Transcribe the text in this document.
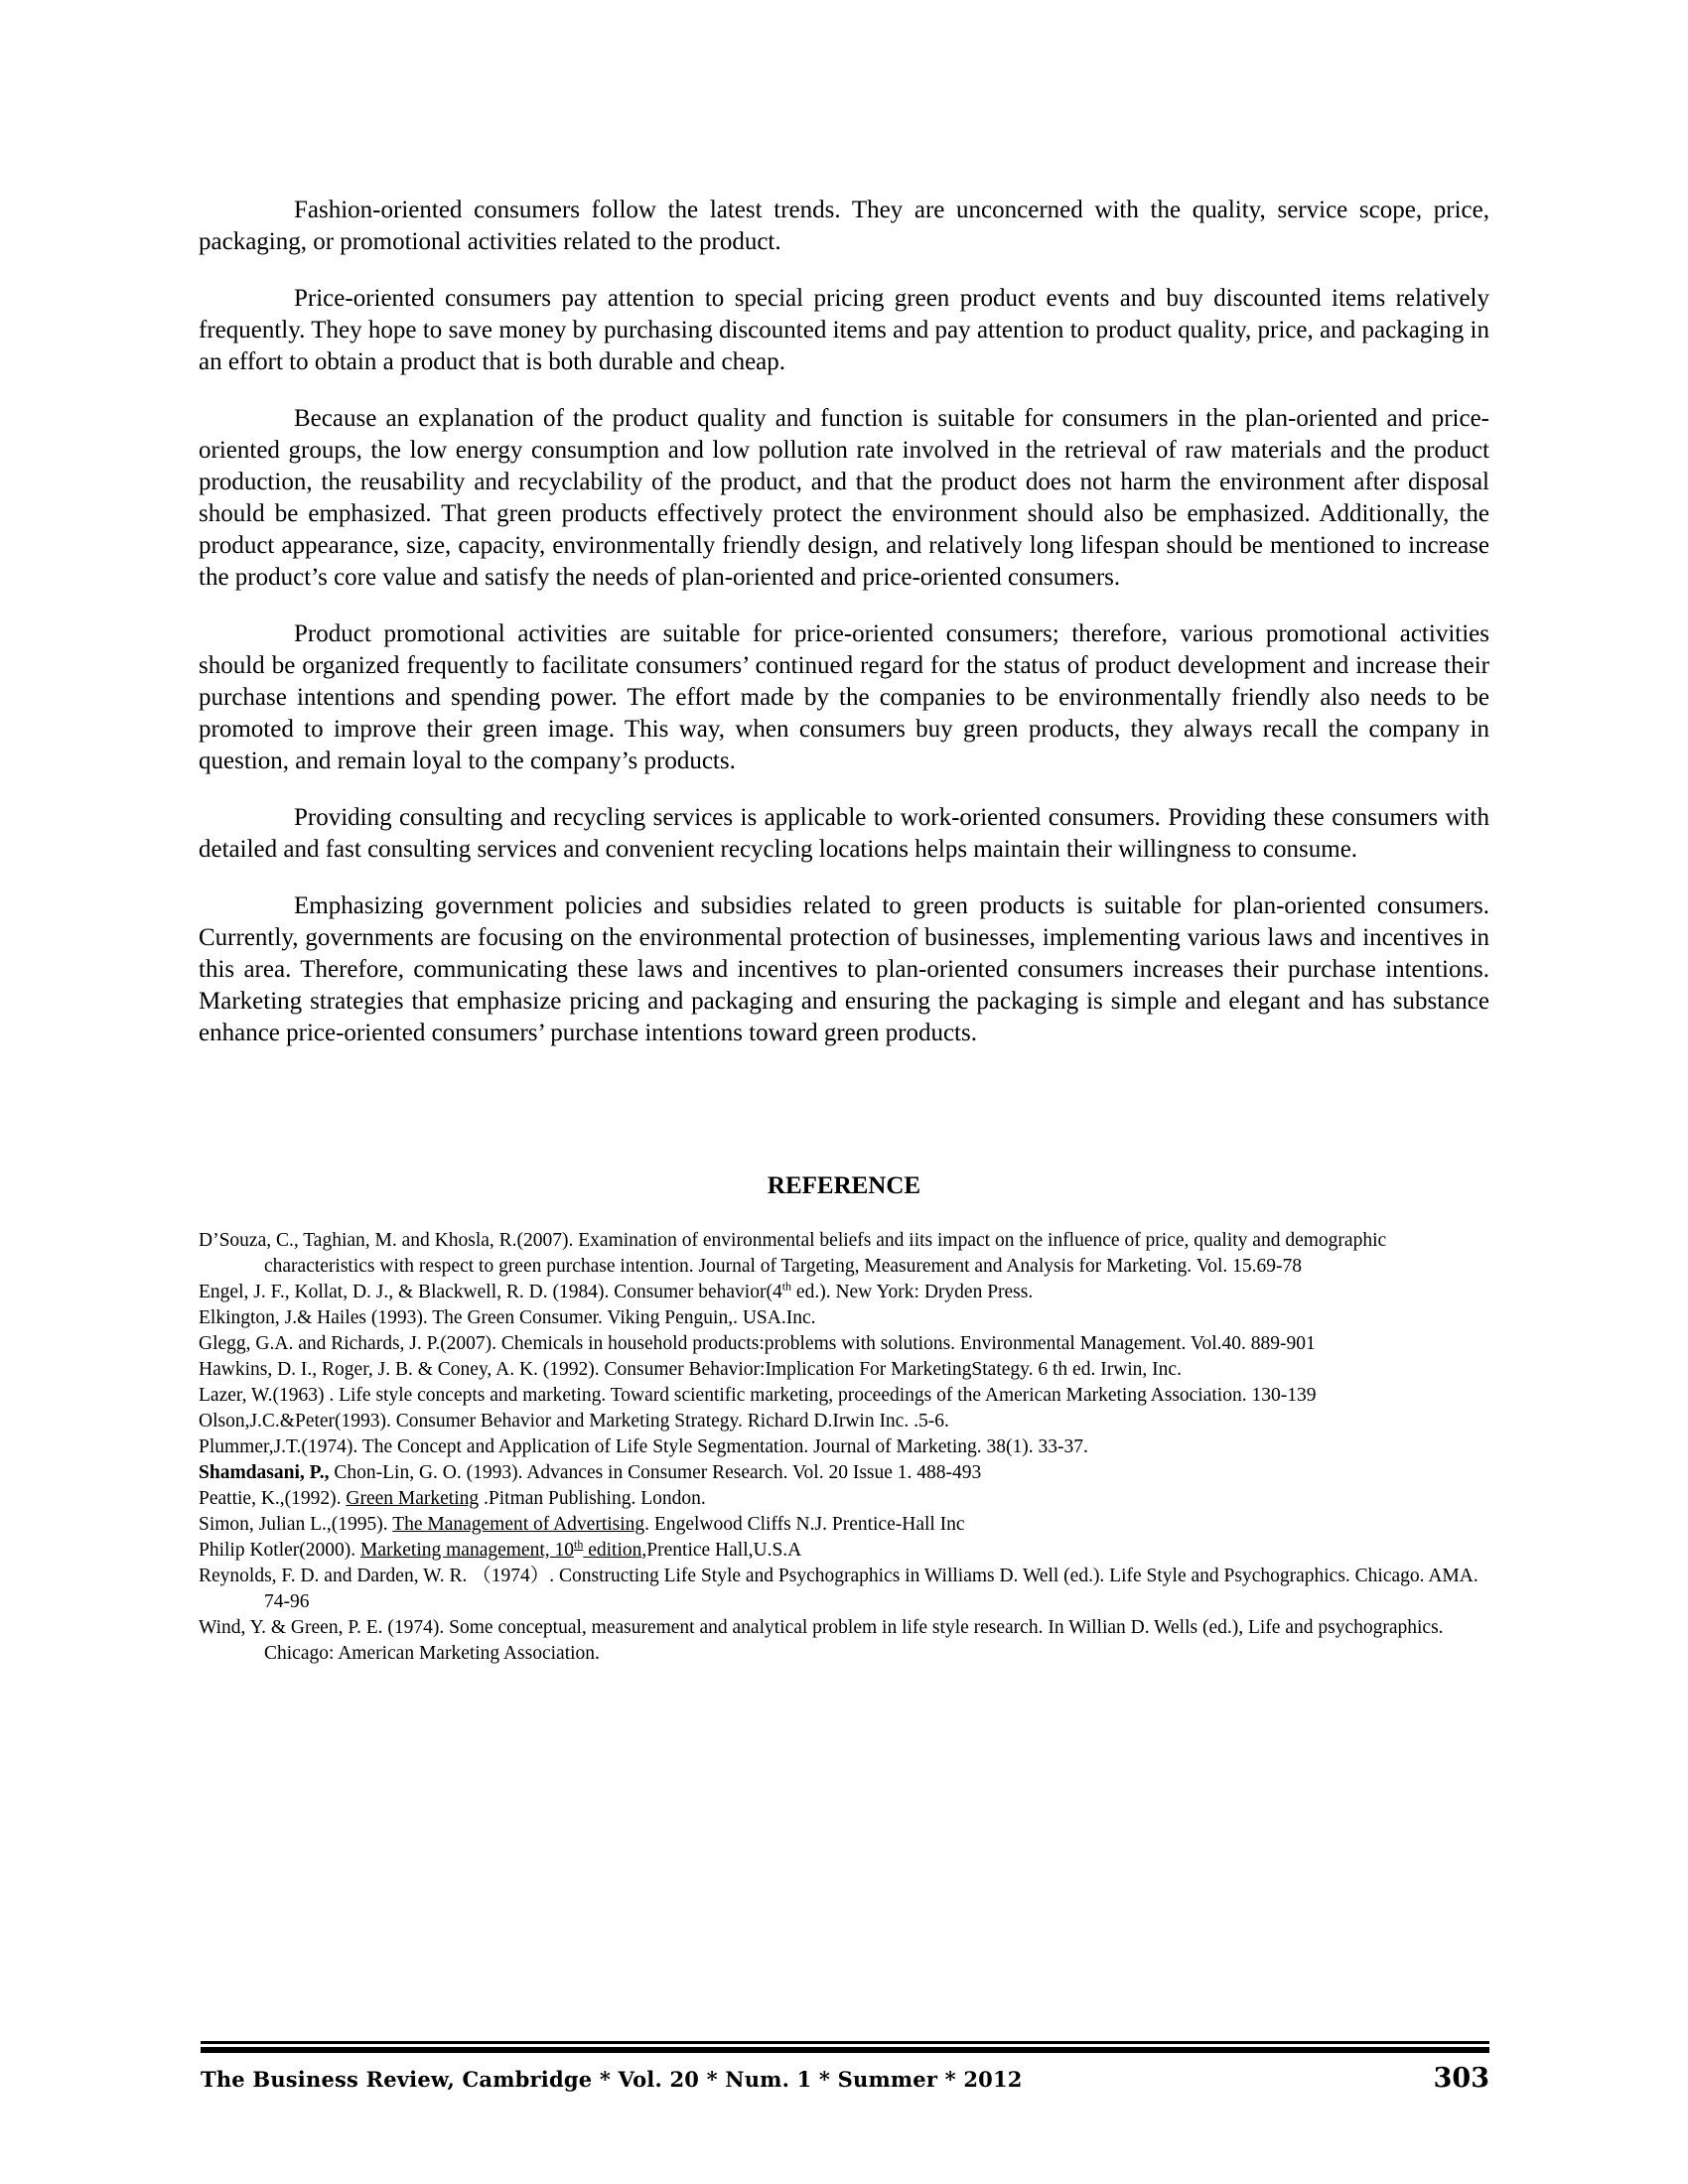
Fashion-oriented consumers follow the latest trends. They are unconcerned with the quality, service scope, price, packaging, or promotional activities related to the product.

Price-oriented consumers pay attention to special pricing green product events and buy discounted items relatively frequently. They hope to save money by purchasing discounted items and pay attention to product quality, price, and packaging in an effort to obtain a product that is both durable and cheap.

Because an explanation of the product quality and function is suitable for consumers in the plan-oriented and price-oriented groups, the low energy consumption and low pollution rate involved in the retrieval of raw materials and the product production, the reusability and recyclability of the product, and that the product does not harm the environment after disposal should be emphasized. That green products effectively protect the environment should also be emphasized. Additionally, the product appearance, size, capacity, environmentally friendly design, and relatively long lifespan should be mentioned to increase the product’s core value and satisfy the needs of plan-oriented and price-oriented consumers.

Product promotional activities are suitable for price-oriented consumers; therefore, various promotional activities should be organized frequently to facilitate consumers’ continued regard for the status of product development and increase their purchase intentions and spending power. The effort made by the companies to be environmentally friendly also needs to be promoted to improve their green image. This way, when consumers buy green products, they always recall the company in question, and remain loyal to the company’s products.

Providing consulting and recycling services is applicable to work-oriented consumers. Providing these consumers with detailed and fast consulting services and convenient recycling locations helps maintain their willingness to consume.

Emphasizing government policies and subsidies related to green products is suitable for plan-oriented consumers. Currently, governments are focusing on the environmental protection of businesses, implementing various laws and incentives in this area. Therefore, communicating these laws and incentives to plan-oriented consumers increases their purchase intentions. Marketing strategies that emphasize pricing and packaging and ensuring the packaging is simple and elegant and has substance enhance price-oriented consumers’ purchase intentions toward green products.

REFERENCE
D’Souza, C., Taghian, M. and Khosla, R.(2007). Examination of environmental beliefs and iits impact on the influence of price, quality and demographic characteristics with respect to green purchase intention. Journal of Targeting, Measurement and Analysis for Marketing. Vol. 15.69-78
Engel, J. F., Kollat, D. J., & Blackwell, R. D. (1984). Consumer behavior(4th ed.). New York: Dryden Press.
Elkington, J.& Hailes (1993). The Green Consumer. Viking Penguin,. USA.Inc.
Glegg, G.A. and Richards, J. P.(2007). Chemicals in household products:problems with solutions. Environmental Management. Vol.40. 889-901
Hawkins, D. I., Roger, J. B. & Coney, A. K. (1992). Consumer Behavior:Implication For MarketingStategy. 6 th ed. Irwin, Inc.
Lazer, W.(1963) . Life style concepts and marketing. Toward scientific marketing, proceedings of the American Marketing Association. 130-139
Olson,J.C.&Peter(1993). Consumer Behavior and Marketing Strategy. Richard D.Irwin Inc. .5-6.
Plummer,J.T.(1974). The Concept and Application of Life Style Segmentation. Journal of Marketing. 38(1). 33-37.
Shamdasani, P., Chon-Lin, G. O. (1993). Advances in Consumer Research. Vol. 20 Issue 1. 488-493
Peattie, K.,(1992). Green Marketing .Pitman Publishing. London.
Simon, Julian L.,(1995). The Management of Advertising. Engelwood Cliffs N.J. Prentice-Hall Inc
Philip Kotler(2000). Marketing management, 10th edition,Prentice Hall,U.S.A
Reynolds, F. D. and Darden, W. R. （1974）. Constructing Life Style and Psychographics in Williams D. Well (ed.). Life Style and Psychographics. Chicago. AMA. 74-96
Wind, Y. & Green, P. E. (1974). Some conceptual, measurement and analytical problem in life style research. In Willian D. Wells (ed.), Life and psychographics. Chicago: American Marketing Association.
The Business Review, Cambridge * Vol. 20 * Num. 1 * Summer * 2012	303
